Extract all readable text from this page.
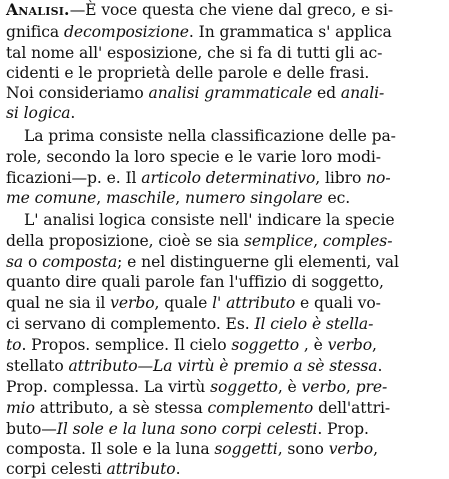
Analisi.—È voce questa che viene dal greco, e si-
gnifica decomposizione. In grammatica s' applica
tal nome all' esposizione, che si fa di tutti gli ac-
cidenti e le proprietà delle parole e delle frasi.
Noi consideriamo analisi grammaticale ed anali-
si logica.
La prima consiste nella classificazione delle pa-
role, secondo la loro specie e le varie loro modi-
ficazioni—p. e. Il articolo determinativo, libro no-
me comune, maschile, numero singolare ec.
L' analisi logica consiste nell' indicare la specie
della proposizione, cioè se sia semplice, comples-
sa o composta; e nel distinguerne gli elementi, val
quanto dire quali parole fan l'uffizio di soggetto,
qual ne sia il verbo, quale l' attributo e quali vo-
ci servano di complemento. Es. Il cielo è stella-
to. Propos. semplice. Il cielo soggetto , è verbo,
stellato attributo—La virtù è premio a sè stessa.
Prop. complessa. La virtù soggetto, è verbo, pre-
mio attributo, a sè stessa complemento dell'attri-
buto—Il sole e la luna sono corpi celesti. Prop.
composta. Il sole e la luna soggetti, sono verbo,
corpi celesti attributo.
